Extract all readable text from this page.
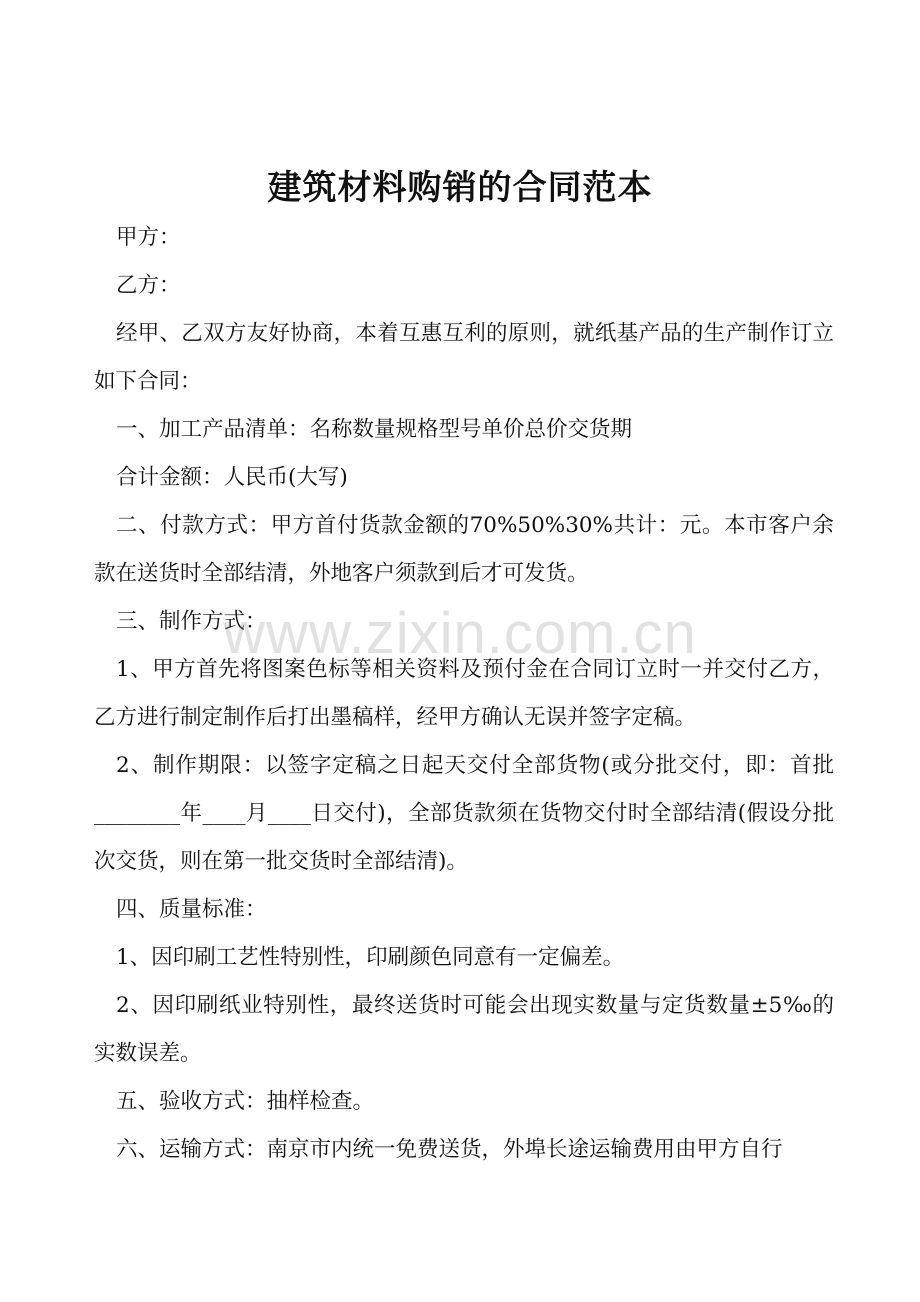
建筑材料购销的合同范本

甲方：

乙方：

经甲、乙双方友好协商，本着互惠互利的原则，就纸基产品的生产制作订立如下合同：

一、加工产品清单：名称数量规格型号单价总价交货期

合计金额：人民币(大写)

二、付款方式：甲方首付货款金额的70%50%30%共计：元。本市客户余款在送货时全部结清，外地客户须款到后才可发货。

三、制作方式：

1、甲方首先将图案色标等相关资料及预付金在合同订立时一并交付乙方，乙方进行制定制作后打出墨稿样，经甲方确认无误并签字定稿。

2、制作期限：以签字定稿之日起天交付全部货物(或分批交付，即：首批________年____月____日交付)，全部货款须在货物交付时全部结清(假设分批次交货，则在第一批交货时全部结清)。

四、质量标准：

1、因印刷工艺性特别性，印刷颜色同意有一定偏差。

2、因印刷纸业特别性，最终送货时可能会出现实数量与定货数量±5‰的实数误差。

五、验收方式：抽样检查。

六、运输方式：南京市内统一免费送货，外埠长途运输费用由甲方自行

www.zixin.com.cn
